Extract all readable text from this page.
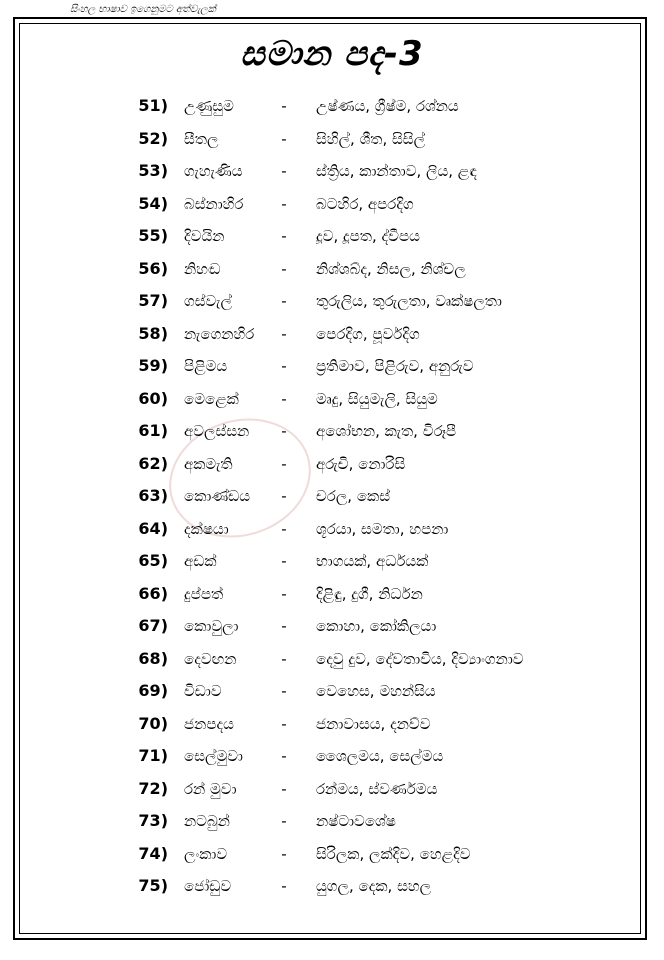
සිංහල භාෂාව ඉගෙනුමට අත්වැලක්
සමාන පද-3
51) උණුසුම	- උෂ්ණය, ග්‍රීෂ්ම, රශ්නය
52) සීතල	- සිහිල්, ශීත, සිසිල්
53) ගැහැණිය	- ස්ත්‍රිය, කාන්තාව, ලිය, ළඳ
54) බස්නාහිර	- බටහිර, අපරදිග
55) දිවයින	- දූව, දූපත, ද්වීපය
56) නිහඬ	- නිශ්ශබ්ද, නිසල, නිශ්චල
57) ගස්වැල්	- තුරුලිය, තුරුලතා, වෘක්ෂලතා
58) නැගෙනහිර	- පෙරදිග, පූර්වදිග
59) පිළිමය	- ප්‍රතිමාව, පිළිරුව, අනුරුව
60) මෙළෙක්	- මෘදු, සියුමැලි, සියුම
61) අවලස්සන	- අශෝභන, කැත, විරූපී
62) අකමැති	- අරුචි, නොරිසි
63) කොණ්ඩය	- චරල, කෙස්
64) දක්ෂයා	- ශූරයා, සමතා, හපනා
65) අඩක්	- භාගයක්, අර්ධයක්
66) දුප්පත්	- දිළිඳු, දුගී, නිර්ධන
67) කොවුලා	- කොහා, කෝකිලයා
68) දෙවඟන	- දෙවු දුව, දේවතාවිය, දිව්‍යාංගනාව
69) විඩාව	- වෙහෙස, මහන්සිය
70) ජනපදය	- ජනාවාසය, දනව්ව
71) සෙල්මුවා	- ශෛලමය, සෙල්මය
72) රන් මුවා	- රන්මය, ස්වර්ණමය
73) නටබුන්	- නෂ්ටාවශේෂ
74) ලංකාව	- සිරිලක, ලක්දිව, හෙළදිව
75) ජෝඩුව	- යුගල, දෙක, සහල
